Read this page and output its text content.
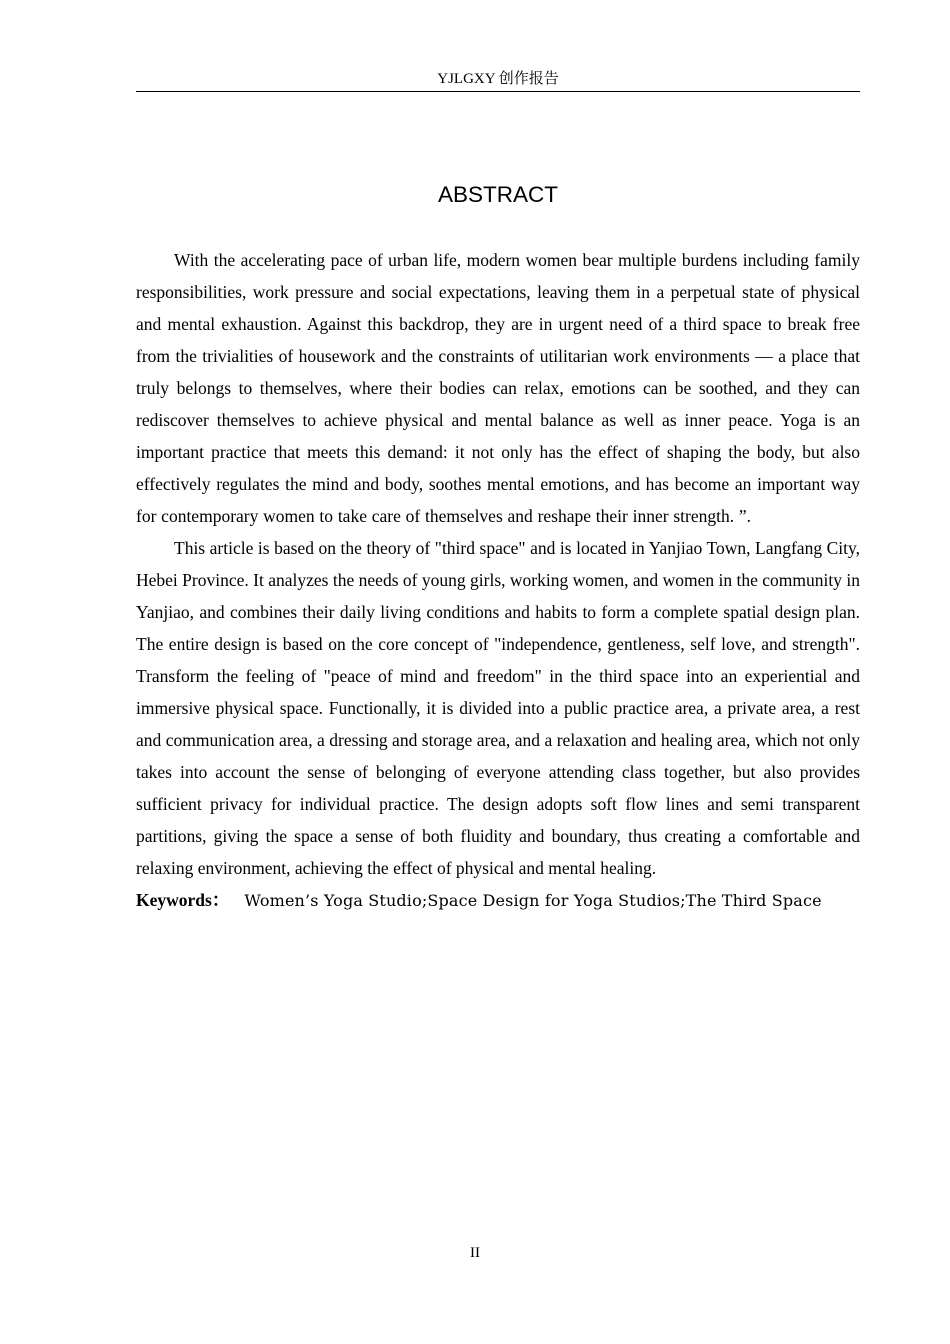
YJLGXY 创作报告
ABSTRACT

With the accelerating pace of urban life, modern women bear multiple burdens including family responsibilities, work pressure and social expectations, leaving them in a perpetual state of physical and mental exhaustion. Against this backdrop, they are in urgent need of a third space to break free from the trivialities of housework and the constraints of utilitarian work environments — a place that truly belongs to themselves, where their bodies can relax, emotions can be soothed, and they can rediscover themselves to achieve physical and mental balance as well as inner peace. Yoga is an important practice that meets this demand: it not only has the effect of shaping the body, but also effectively regulates the mind and body, soothes mental emotions, and has become an important way for contemporary women to take care of themselves and reshape their inner strength. ”.

This article is based on the theory of "third space" and is located in Yanjiao Town, Langfang City, Hebei Province. It analyzes the needs of young girls, working women, and women in the community in Yanjiao, and combines their daily living conditions and habits to form a complete spatial design plan. The entire design is based on the core concept of "independence, gentleness, self love, and strength". Transform the feeling of "peace of mind and freedom" in the third space into an experiential and immersive physical space. Functionally, it is divided into a public practice area, a private area, a rest and communication area, a dressing and storage area, and a relaxation and healing area, which not only takes into account the sense of belonging of everyone attending class together, but also provides sufficient privacy for individual practice. The design adopts soft flow lines and semi transparent partitions, giving the space a sense of both fluidity and boundary, thus creating a comfortable and relaxing environment, achieving the effect of physical and mental healing.

Keywords： Women’s Yoga Studio;Space Design for Yoga Studios;The Third Space

II
